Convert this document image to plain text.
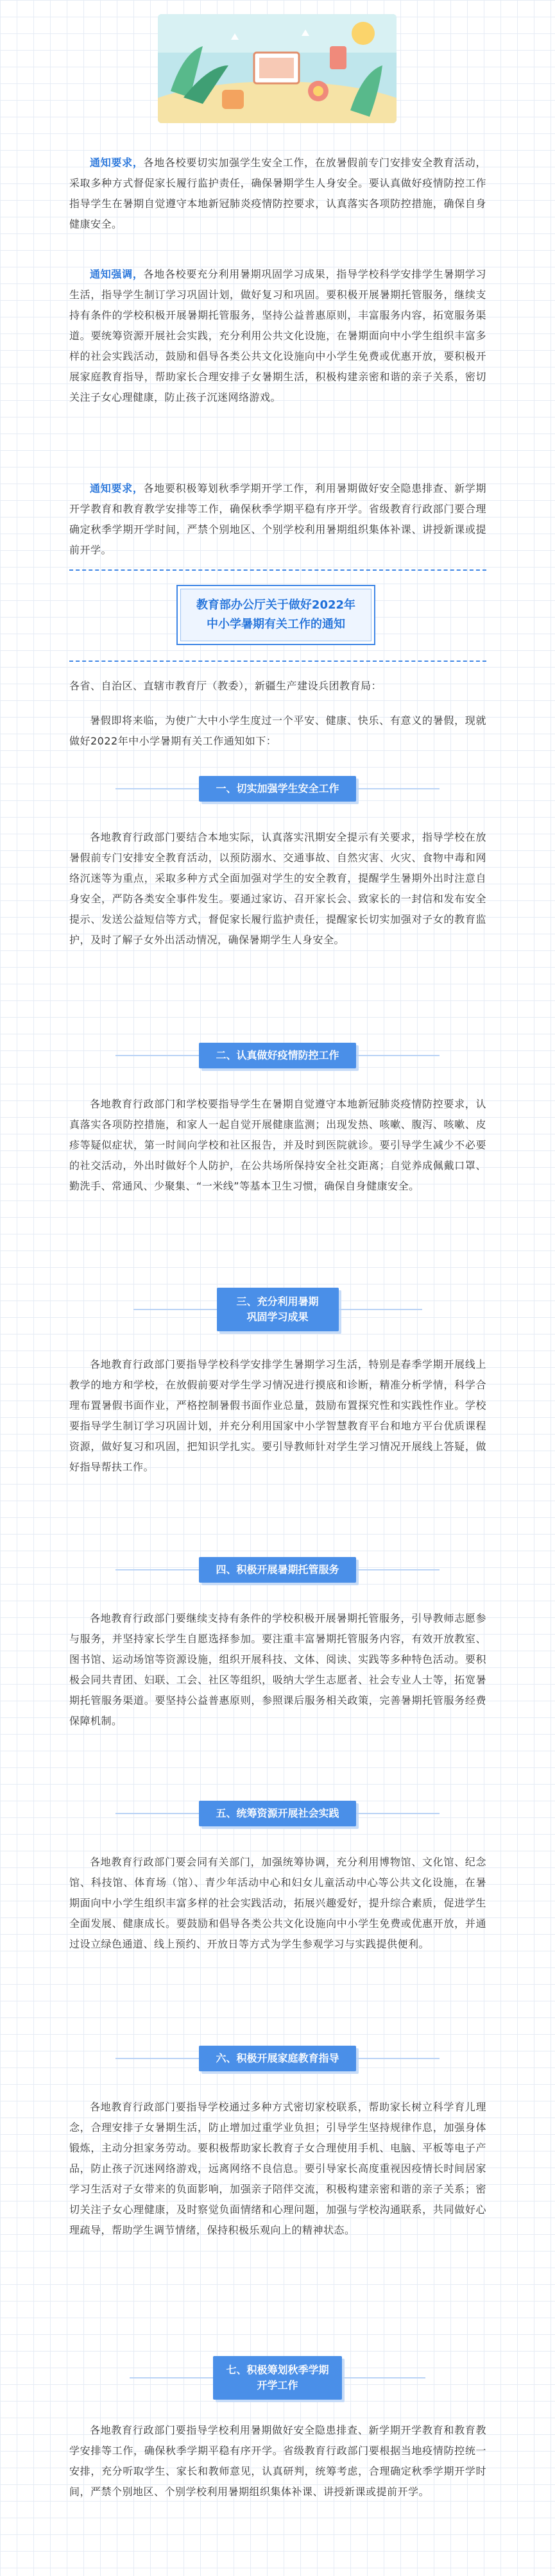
通知要求，各地各校要切实加强学生安全工作，在放暑假前专门安排安全教育活动，采取多种方式督促家长履行监护责任，确保暑期学生人身安全。要认真做好疫情防控工作指导学生在暑期自觉遵守本地新冠肺炎疫情防控要求，认真落实各项防控措施，确保自身健康安全。

通知强调，各地各校要充分利用暑期巩固学习成果，指导学校科学安排学生暑期学习生活，指导学生制订学习巩固计划，做好复习和巩固。要积极开展暑期托管服务，继续支持有条件的学校积极开展暑期托管服务，坚持公益普惠原则，丰富服务内容，拓宽服务渠道。要统筹资源开展社会实践，充分利用公共文化设施，在暑期面向中小学生组织丰富多样的社会实践活动，鼓励和倡导各类公共文化设施向中小学生免费或优惠开放，要积极开展家庭教育指导，帮助家长合理安排子女暑期生活，积极构建亲密和谐的亲子关系，密切关注子女心理健康，防止孩子沉迷网络游戏。

通知要求，各地要积极筹划秋季学期开学工作，利用暑期做好安全隐患排查、新学期开学教育和教育教学安排等工作，确保秋季学期平稳有序开学。省级教育行政部门要合理确定秋季学期开学时间，严禁个别地区、个别学校利用暑期组织集体补课、讲授新课或提前开学。

教育部办公厅关于做好2022年
中小学暑期有关工作的通知

各省、自治区、直辖市教育厅（教委），新疆生产建设兵团教育局：

暑假即将来临，为使广大中小学生度过一个平安、健康、快乐、有意义的暑假，现就做好2022年中小学暑期有关工作通知如下：

一、切实加强学生安全工作

各地教育行政部门要结合本地实际，认真落实汛期安全提示有关要求，指导学校在放暑假前专门安排安全教育活动，以预防溺水、交通事故、自然灾害、火灾、食物中毒和网络沉迷等为重点，采取多种方式全面加强对学生的安全教育，提醒学生暑期外出时注意自身安全，严防各类安全事件发生。要通过家访、召开家长会、致家长的一封信和发布安全提示、发送公益短信等方式，督促家长履行监护责任，提醒家长切实加强对子女的教育监护，及时了解子女外出活动情况，确保暑期学生人身安全。

二、认真做好疫情防控工作

各地教育行政部门和学校要指导学生在暑期自觉遵守本地新冠肺炎疫情防控要求，认真落实各项防控措施，和家人一起自觉开展健康监测；出现发热、咳嗽、腹泻、咳嗽、皮疹等疑似症状，第一时间向学校和社区报告，并及时到医院就诊。要引导学生减少不必要的社交活动，外出时做好个人防护，在公共场所保持安全社交距离；自觉养成佩戴口罩、勤洗手、常通风、少聚集、“一米线”等基本卫生习惯，确保自身健康安全。

三、充分利用暑期
巩固学习成果

各地教育行政部门要指导学校科学安排学生暑期学习生活，特别是春季学期开展线上教学的地方和学校，在放假前要对学生学习情况进行摸底和诊断，精准分析学情，科学合理布置暑假书面作业，严格控制暑假书面作业总量，鼓励布置探究性和实践性作业。学校要指导学生制订学习巩固计划，并充分利用国家中小学智慧教育平台和地方平台优质课程资源，做好复习和巩固，把知识学扎实。要引导教师针对学生学习情况开展线上答疑，做好指导帮扶工作。

四、积极开展暑期托管服务

各地教育行政部门要继续支持有条件的学校积极开展暑期托管服务，引导教师志愿参与服务，并坚持家长学生自愿选择参加。要注重丰富暑期托管服务内容，有效开放教室、图书馆、运动场馆等资源设施，组织开展科技、文体、阅读、实践等多种特色活动。要积极会同共青团、妇联、工会、社区等组织，吸纳大学生志愿者、社会专业人士等，拓宽暑期托管服务渠道。要坚持公益普惠原则，参照课后服务相关政策，完善暑期托管服务经费保障机制。

五、统筹资源开展社会实践

各地教育行政部门要会同有关部门，加强统筹协调，充分利用博物馆、文化馆、纪念馆、科技馆、体育场（馆）、青少年活动中心和妇女儿童活动中心等公共文化设施，在暑期面向中小学生组织丰富多样的社会实践活动，拓展兴趣爱好，提升综合素质，促进学生全面发展、健康成长。要鼓励和倡导各类公共文化设施向中小学生免费或优惠开放，并通过设立绿色通道、线上预约、开放日等方式为学生参观学习与实践提供便利。

六、积极开展家庭教育指导

各地教育行政部门要指导学校通过多种方式密切家校联系，帮助家长树立科学育儿理念，合理安排子女暑期生活，防止增加过重学业负担；引导学生坚持规律作息，加强身体锻炼，主动分担家务劳动。要积极帮助家长教育子女合理使用手机、电脑、平板等电子产品，防止孩子沉迷网络游戏，远离网络不良信息。要引导家长高度重视因疫情长时间居家学习生活对子女带来的负面影响，加强亲子陪伴交流，积极构建亲密和谐的亲子关系；密切关注子女心理健康，及时察觉负面情绪和心理问题，加强与学校沟通联系，共同做好心理疏导，帮助学生调节情绪，保持积极乐观向上的精神状态。

七、积极筹划秋季学期
开学工作

各地教育行政部门要指导学校利用暑期做好安全隐患排查、新学期开学教育和教育教学安排等工作，确保秋季学期平稳有序开学。省级教育行政部门要根据当地疫情防控统一安排，充分听取学生、家长和教师意见，认真研判，统筹考虑，合理确定秋季学期开学时间，严禁个别地区、个别学校利用暑期组织集体补课、讲授新课或提前开学。
